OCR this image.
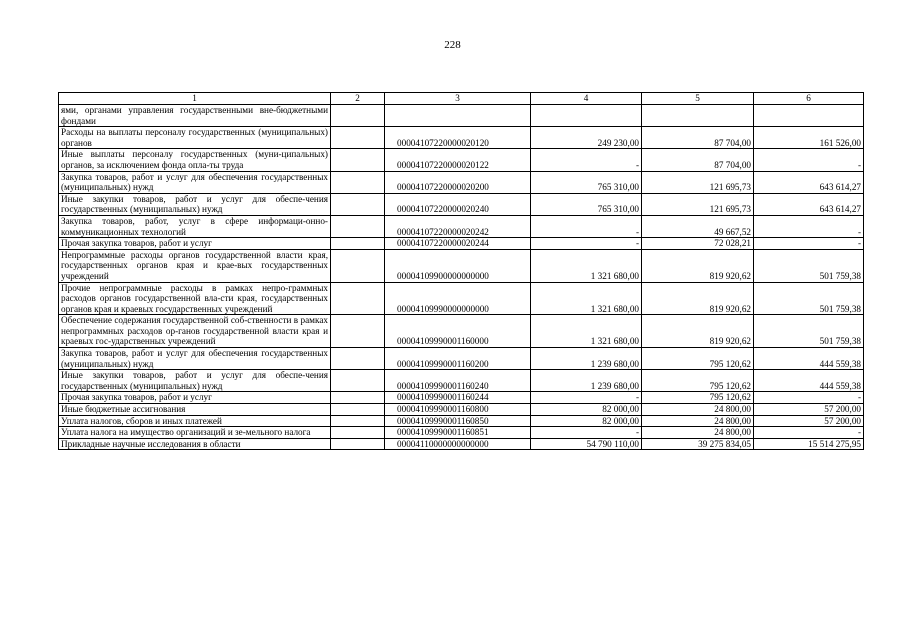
228
1	2	3	4	5	6
ями, органами управления государственными вне-бюджетными фондами					
Расходы на выплаты персоналу государственных (муниципальных) органов		00004107220000020120	249 230,00	87 704,00	161 526,00
Иные выплаты персоналу государственных (муни-ципальных) органов, за исключением фонда опла-ты труда		00004107220000020122	-	87 704,00	-
Закупка товаров, работ и услуг для обеспечения государственных (муниципальных) нужд		00004107220000020200	765 310,00	121 695,73	643 614,27
Иные закупки товаров, работ и услуг для обеспе-чения государственных (муниципальных) нужд		00004107220000020240	765 310,00	121 695,73	643 614,27
Закупка товаров, работ, услуг в сфере информаци-онно-коммуникационных технологий		00004107220000020242	-	49 667,52	-
Прочая закупка товаров, работ и услуг		00004107220000020244	-	72 028,21	-
Непрограммные расходы органов государственной власти края, государственных органов края и крае-вых государственных учреждений		00004109900000000000	1 321 680,00	819 920,62	501 759,38
Прочие непрограммные расходы в рамках непро-граммных расходов органов государственной вла-сти края, государственных органов края и краевых государственных учреждений		00004109990000000000	1 321 680,00	819 920,62	501 759,38
Обеспечение содержания государственной соб-ственности в рамках непрограммных расходов ор-ганов государственной власти края и краевых гос-ударственных учреждений		00004109990001160000	1 321 680,00	819 920,62	501 759,38
Закупка товаров, работ и услуг для обеспечения государственных (муниципальных) нужд		00004109990001160200	1 239 680,00	795 120,62	444 559,38
Иные закупки товаров, работ и услуг для обеспе-чения государственных (муниципальных) нужд		00004109990001160240	1 239 680,00	795 120,62	444 559,38
Прочая закупка товаров, работ и услуг		00004109990001160244	-	795 120,62	-
Иные бюджетные ассигнования		00004109990001160800	82 000,00	24 800,00	57 200,00
Уплата налогов, сборов и иных платежей		00004109990001160850	82 000,00	24 800,00	57 200,00
Уплата налога на имущество организаций и зе-мельного налога		00004109990001160851	-	24 800,00	-
Прикладные научные исследования в области		00004110000000000000	54 790 110,00	39 275 834,05	15 514 275,95
